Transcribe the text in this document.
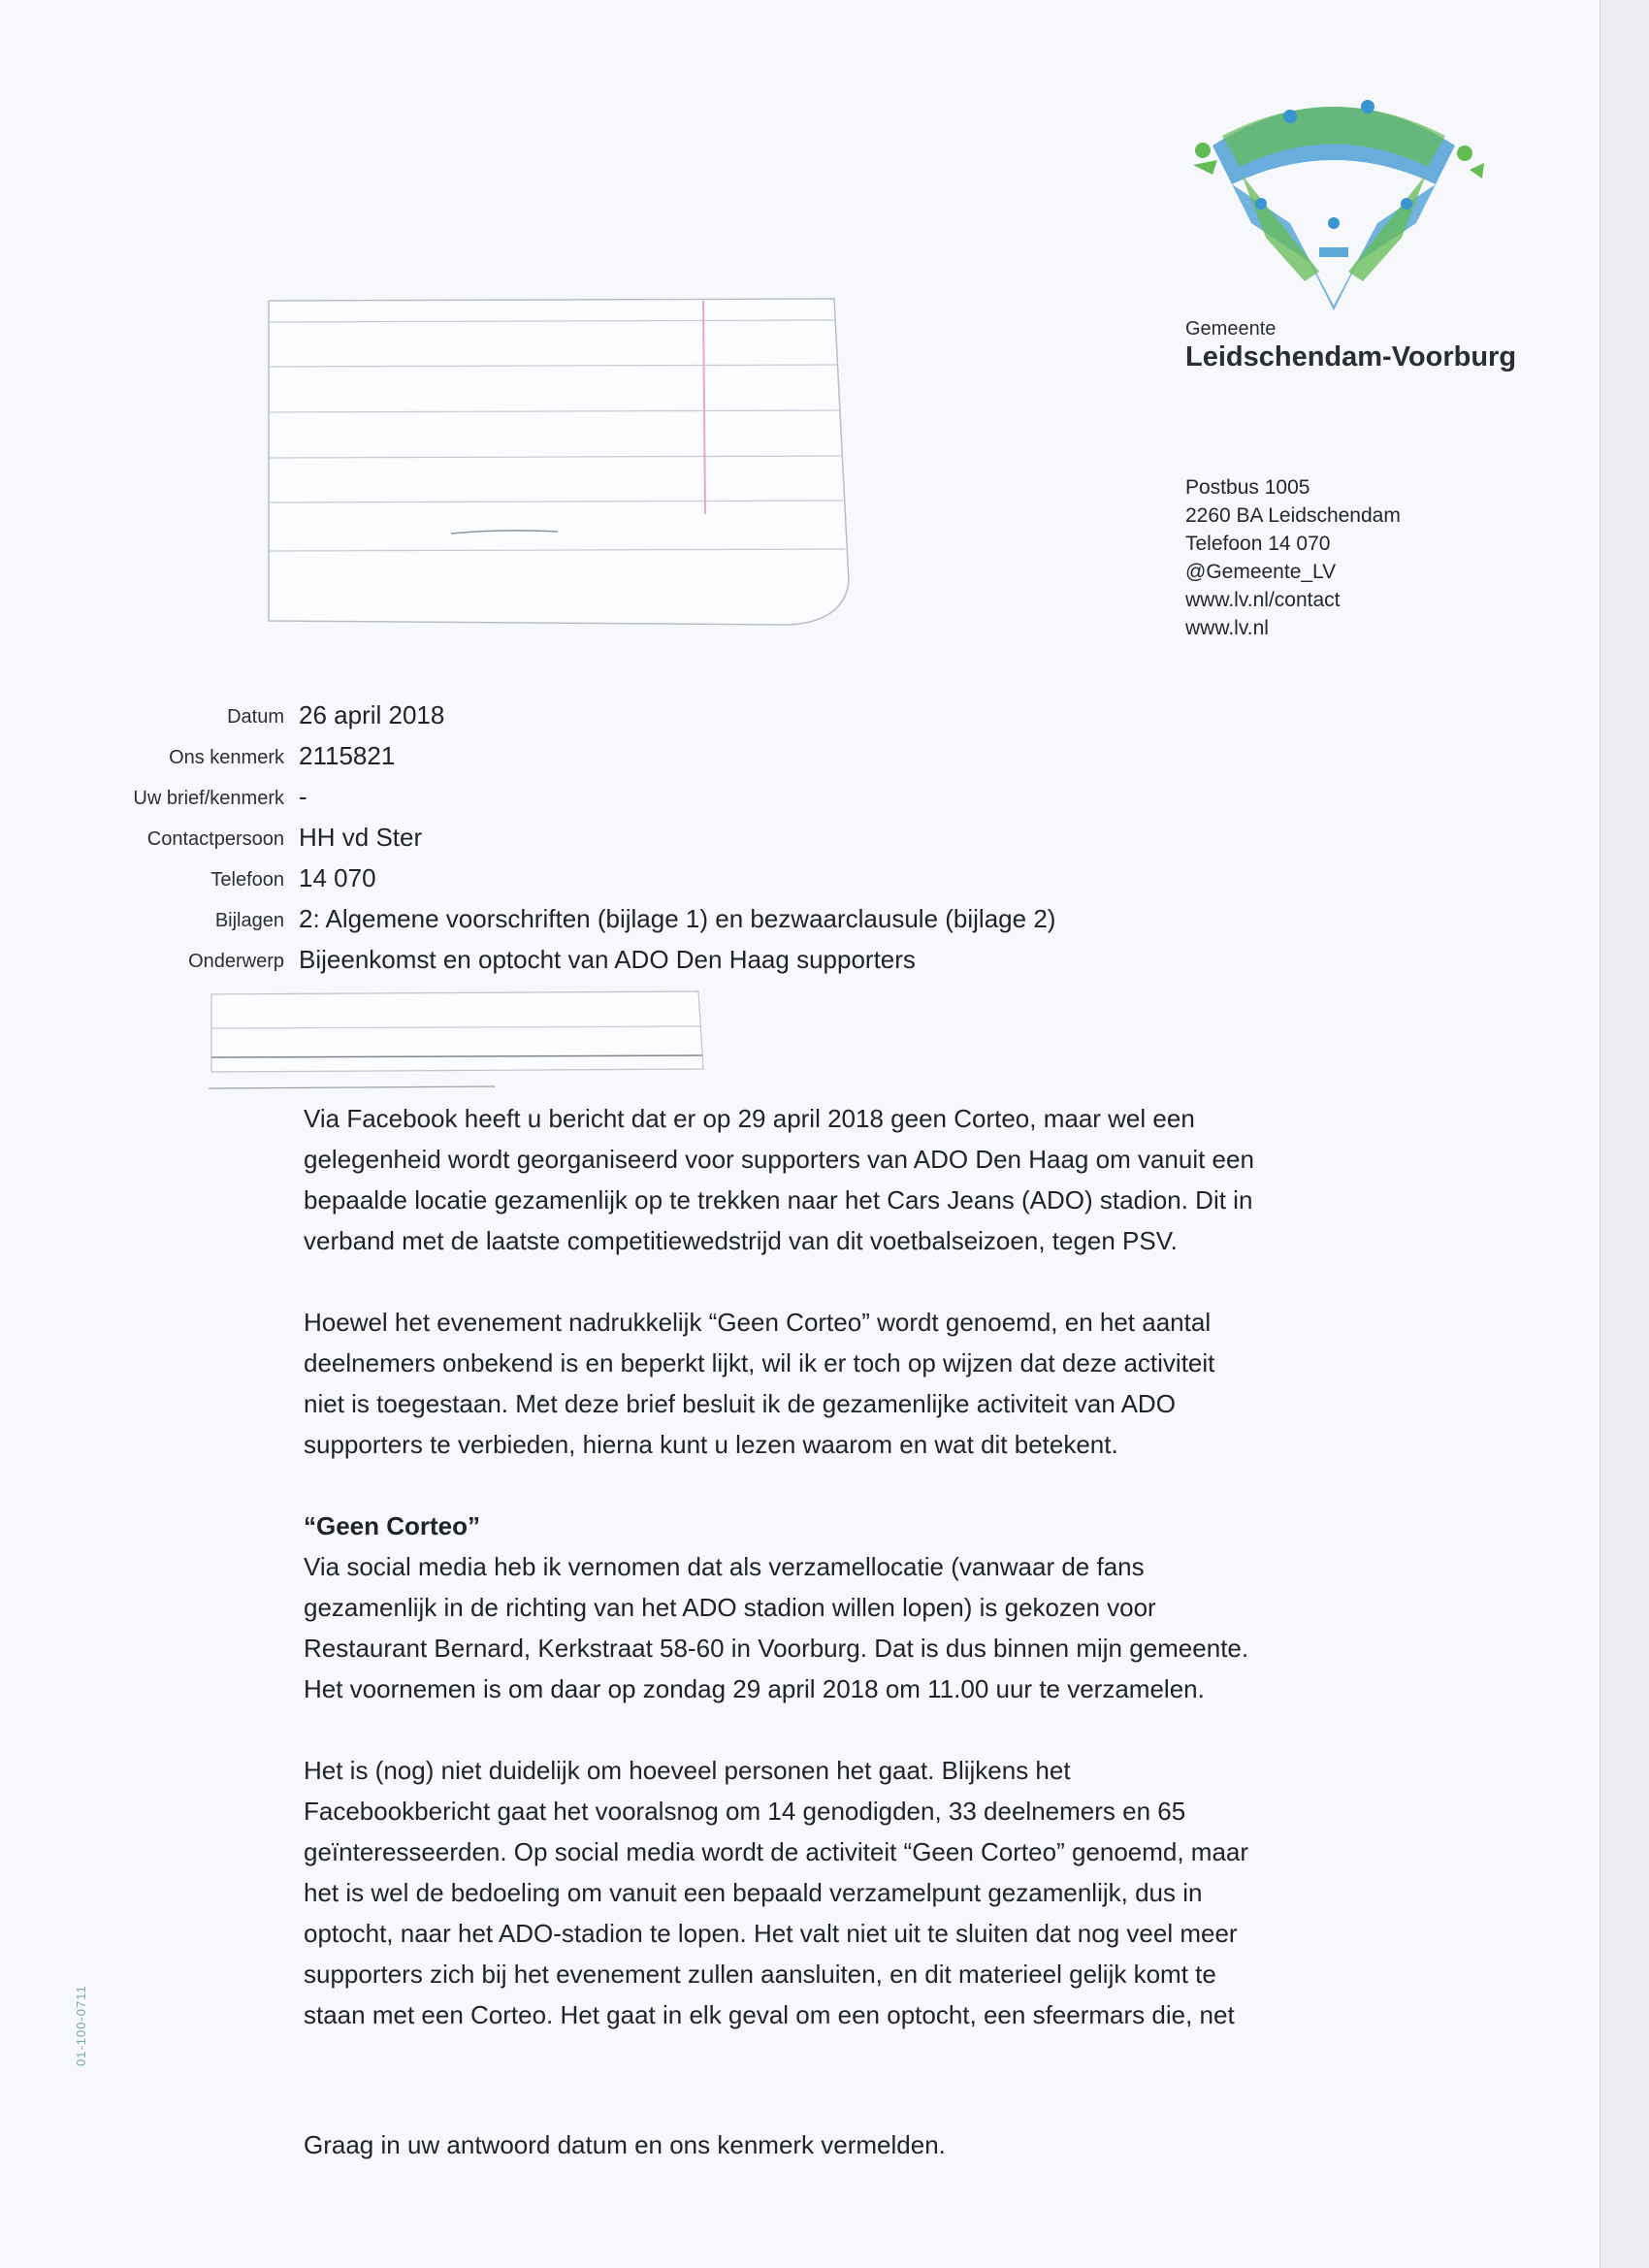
Gemeente
Leidschendam-Voorburg
Postbus 1005
2260 BA Leidschendam
Telefoon 14 070
@Gemeente_LV
www.lv.nl/contact
www.lv.nl
Datum 26 april 2018
Ons kenmerk 2115821
Uw brief/kenmerk -
Contactpersoon HH vd Ster
Telefoon 14 070
Bijlagen 2: Algemene voorschriften (bijlage 1) en bezwaarclausule (bijlage 2)
Onderwerp Bijeenkomst en optocht van ADO Den Haag supporters
Via Facebook heeft u bericht dat er op 29 april 2018 geen Corteo, maar wel een
gelegenheid wordt georganiseerd voor supporters van ADO Den Haag om vanuit een
bepaalde locatie gezamenlijk op te trekken naar het Cars Jeans (ADO) stadion. Dit in
verband met de laatste competitiewedstrijd van dit voetbalseizoen, tegen PSV.
Hoewel het evenement nadrukkelijk “Geen Corteo” wordt genoemd, en het aantal
deelnemers onbekend is en beperkt lijkt, wil ik er toch op wijzen dat deze activiteit
niet is toegestaan. Met deze brief besluit ik de gezamenlijke activiteit van ADO
supporters te verbieden, hierna kunt u lezen waarom en wat dit betekent.
“Geen Corteo”
Via social media heb ik vernomen dat als verzamellocatie (vanwaar de fans
gezamenlijk in de richting van het ADO stadion willen lopen) is gekozen voor
Restaurant Bernard, Kerkstraat 58-60 in Voorburg. Dat is dus binnen mijn gemeente.
Het voornemen is om daar op zondag 29 april 2018 om 11.00 uur te verzamelen.
Het is (nog) niet duidelijk om hoeveel personen het gaat. Blijkens het
Facebookbericht gaat het vooralsnog om 14 genodigden, 33 deelnemers en 65
geïnteresseerden. Op social media wordt de activiteit “Geen Corteo” genoemd, maar
het is wel de bedoeling om vanuit een bepaald verzamelpunt gezamenlijk, dus in
optocht, naar het ADO-stadion te lopen. Het valt niet uit te sluiten dat nog veel meer
supporters zich bij het evenement zullen aansluiten, en dit materieel gelijk komt te
staan met een Corteo. Het gaat in elk geval om een optocht, een sfeermars die, net
01-100-0711
Graag in uw antwoord datum en ons kenmerk vermelden.
